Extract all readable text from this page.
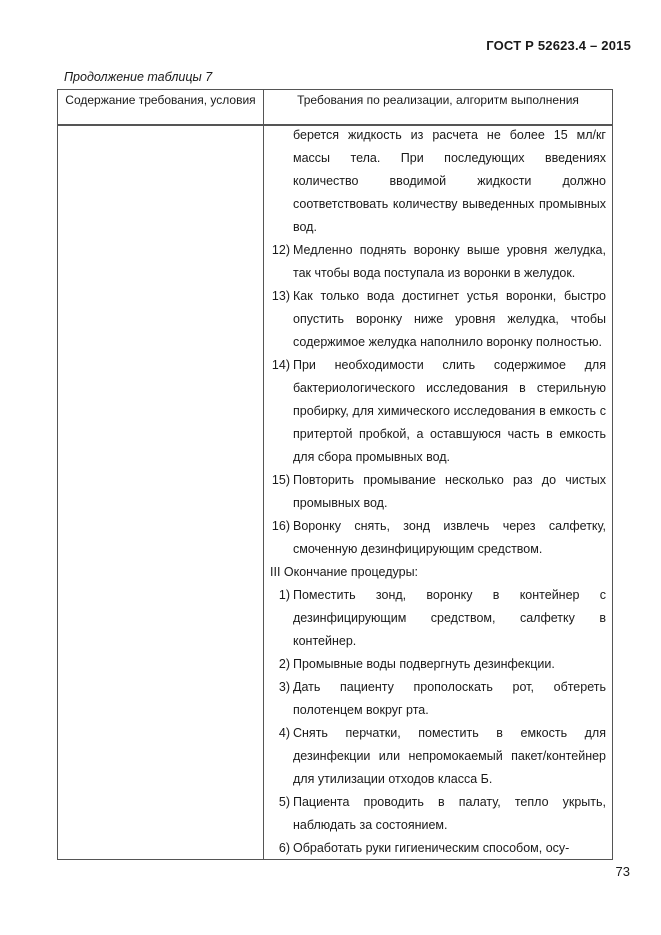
ГОСТ Р 52623.4 – 2015
Продолжение таблицы 7
Содержание требования, условия	Требования по реализации, алгоритм выполнения
берется жидкость из расчета не более 15 мл/кг массы тела. При последующих введениях количество вводимой жидкости должно соответствовать количеству выведенных промывных вод.
12) Медленно поднять воронку выше уровня желудка, так чтобы вода поступала из воронки в желудок.
13) Как только вода достигнет устья воронки, быстро опустить воронку ниже уровня желудка, чтобы содержимое желудка наполнило воронку полностью.
14) При необходимости слить содержимое для бактериологического исследования в стерильную пробирку, для химического исследования в емкость с притертой пробкой, а оставшуюся часть в емкость для сбора промывных вод.
15) Повторить промывание несколько раз до чистых промывных вод.
16) Воронку снять, зонд извлечь через салфетку, смоченную дезинфицирующим средством.
III Окончание процедуры:
1) Поместить зонд, воронку в контейнер с дезинфицирующим средством, салфетку в контейнер.
2) Промывные воды подвергнуть дезинфекции.
3) Дать пациенту прополоскать рот, обтереть полотенцем вокруг рта.
4) Снять перчатки, поместить в емкость для дезинфекции или непромокаемый пакет/контейнер для утилизации отходов класса Б.
5) Пациента проводить в палату, тепло укрыть, наблюдать за состоянием.
6) Обработать руки гигиеническим способом, осу-
73
